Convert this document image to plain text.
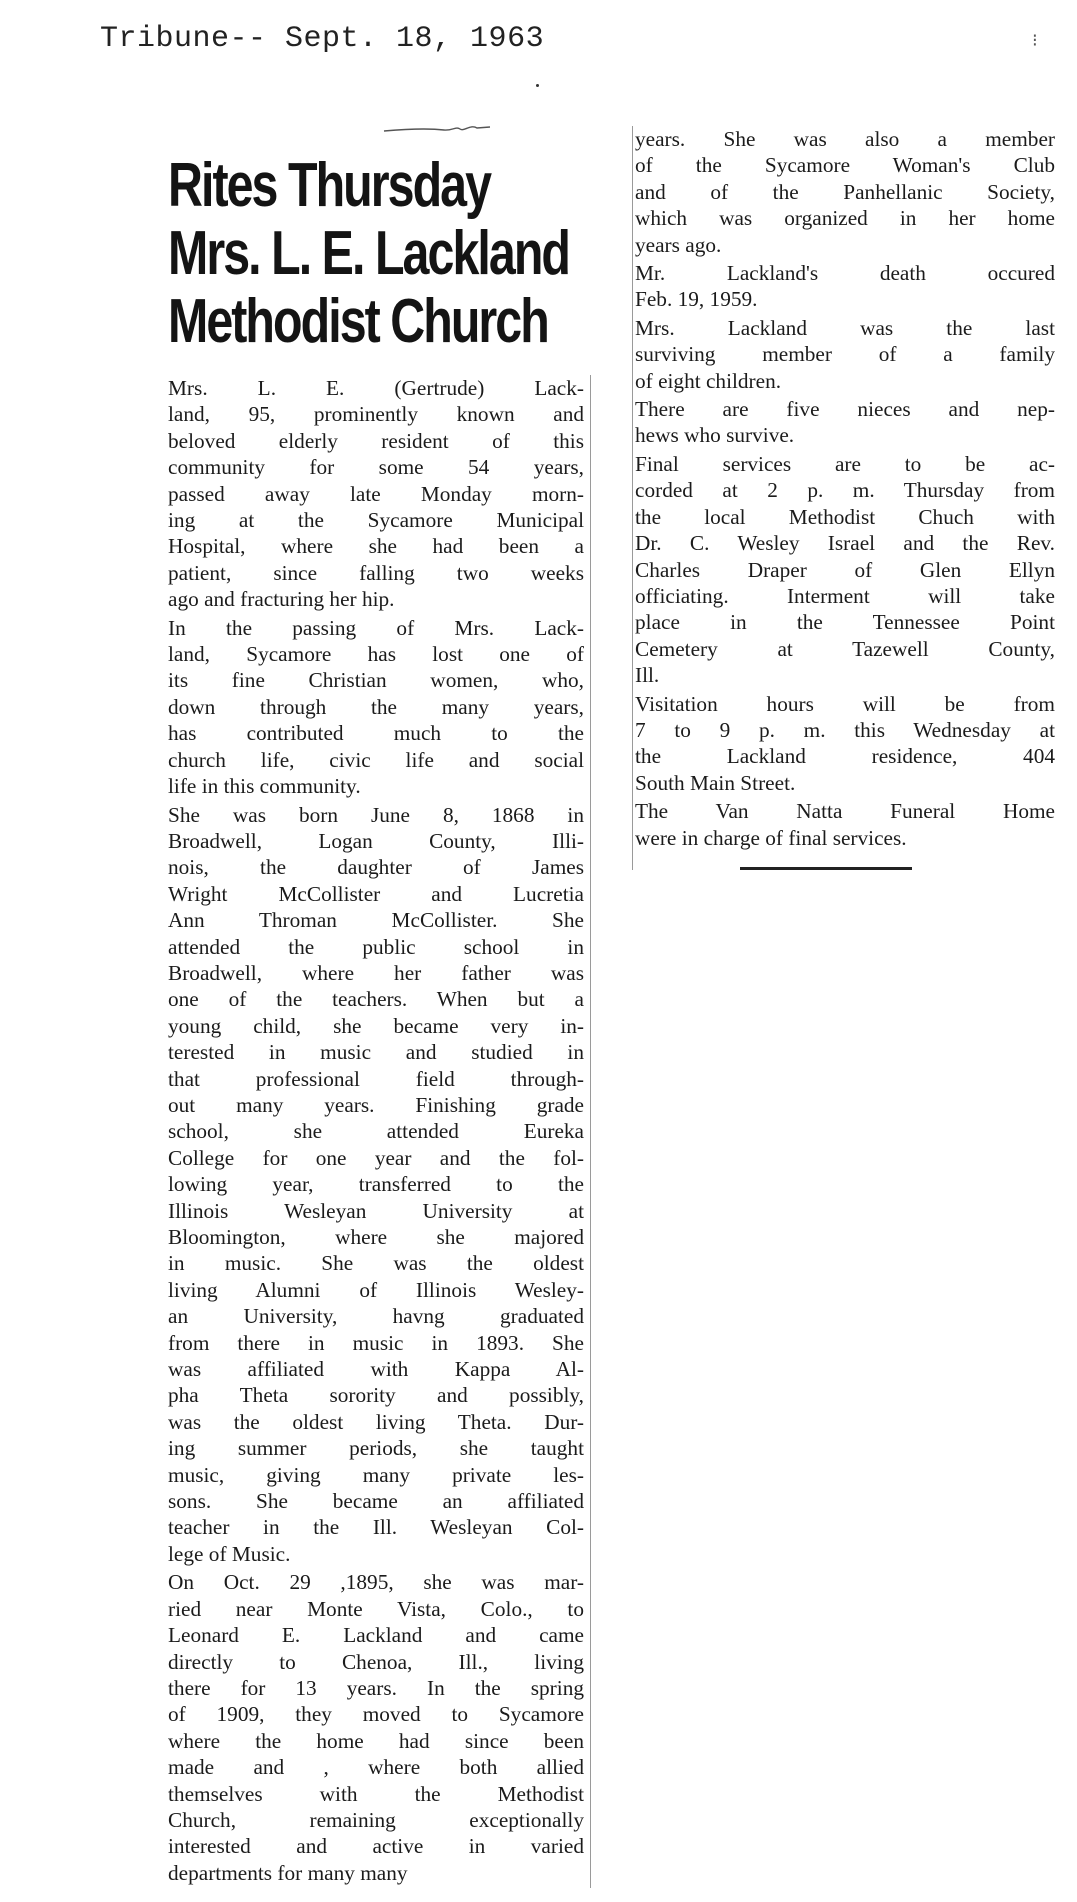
Tribune-- Sept. 18, 1963	⁝
Rites Thursday
Mrs. L. E. Lackland
Methodist Church
Mrs. L. E. (Gertrude) Lack-
land, 95, prominently known and
beloved elderly resident of this
community for some 54 years,
passed away late Monday morn-
ing at the Sycamore Municipal
Hospital, where she had been a
patient, since falling two weeks
ago and fracturing her hip.
In the passing of Mrs. Lack-
land, Sycamore has lost one of
its fine Christian women, who,
down through the many years,
has contributed much to the
church life, civic life and social
life in this community.
She was born June 8, 1868 in
Broadwell, Logan County, Illi-
nois, the daughter of James
Wright McCollister and Lucretia
Ann Throman McCollister. She
attended the public school in
Broadwell, where her father was
one of the teachers. When but a
young child, she became very in-
terested in music and studied in
that professional field through-
out many years. Finishing grade
school, she attended Eureka
College for one year and the fol-
lowing year, transferred to the
Illinois Wesleyan University at
Bloomington, where she majored
in music. She was the oldest
living Alumni of Illinois Wesley-
an University, havng graduated
from there in music in 1893. She
was affiliated with Kappa Al-
pha Theta sorority and possibly,
was the oldest living Theta. Dur-
ing summer periods, she taught
music, giving many private les-
sons. She became an affiliated
teacher in the Ill. Wesleyan Col-
lege of Music.
On Oct. 29 ,1895, she was mar-
ried near Monte Vista, Colo., to
Leonard E. Lackland and came
directly to Chenoa, Ill., living
there for 13 years. In the spring
of 1909, they moved to Sycamore
where the home had since been
made and , where both allied
themselves with the Methodist
Church, remaining exceptionally
interested and active in varied
departments for many many
years. She was also a member
of the Sycamore Woman's Club
and of the Panhellanic Society,
which was organized in her home
years ago.
Mr. Lackland's death occured
Feb. 19, 1959.
Mrs. Lackland was the last
surviving member of a family
of eight children.
There are five nieces and nep-
hews who survive.
Final services are to be ac-
corded at 2 p. m. Thursday from
the local Methodist Chuch with
Dr. C. Wesley Israel and the Rev.
Charles Draper of Glen Ellyn
officiating. Interment will take
place in the Tennessee Point
Cemetery at Tazewell County,
Ill.
Visitation hours will be from
7 to 9 p. m. this Wednesday at
the Lackland residence, 404
South Main Street.
The Van Natta Funeral Home
were in charge of final services.
